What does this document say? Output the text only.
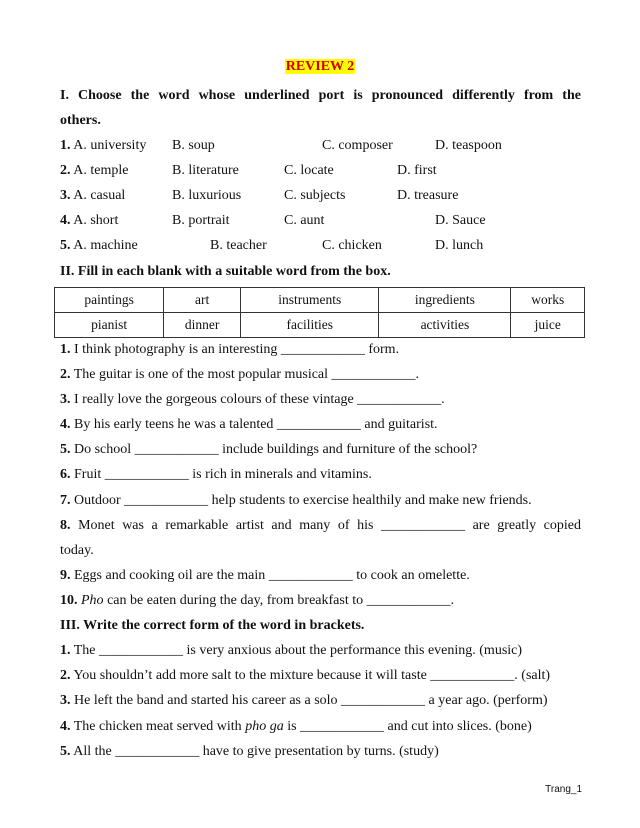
REVIEW 2
I. Choose the word whose underlined port is pronounced differently from the
others.
1. A. university B. soup	C. composer	D. teaspoon
2. A. temple	B. literature	C. locate	D. first
3. A. casual	B. luxurious	C. subjects	D. treasure
4. A. short	B. portrait	C. aunt	D. Sauce
5. A. machine	B. teacher	C. chicken	D. lunch
II. Fill in each blank with a suitable word from the box.
paintings	art	instruments	ingredients	works
pianist	dinner	facilities	activities	juice
1. I think photography is an interesting ____________ form.
2. The guitar is one of the most popular musical ____________.
3. I really love the gorgeous colours of these vintage ____________.
4. By his early teens he was a talented ____________ and guitarist.
5. Do school ____________ include buildings and furniture of the school?
6. Fruit ____________ is rich in minerals and vitamins.
7. Outdoor ____________ help students to exercise healthily and make new friends.
8. Monet was a remarkable artist and many of his ____________ are greatly copied
today.
9. Eggs and cooking oil are the main ____________ to cook an omelette.
10. Pho can be eaten during the day, from breakfast to ____________.
III. Write the correct form of the word in brackets.
1. The ____________ is very anxious about the performance this evening. (music)
2. You shouldn’t add more salt to the mixture because it will taste ____________. (salt)
3. He left the band and started his career as a solo ____________ a year ago. (perform)
4. The chicken meat served with pho ga is ____________ and cut into slices. (bone)
5. All the ____________ have to give presentation by turns. (study)
Trang_1
